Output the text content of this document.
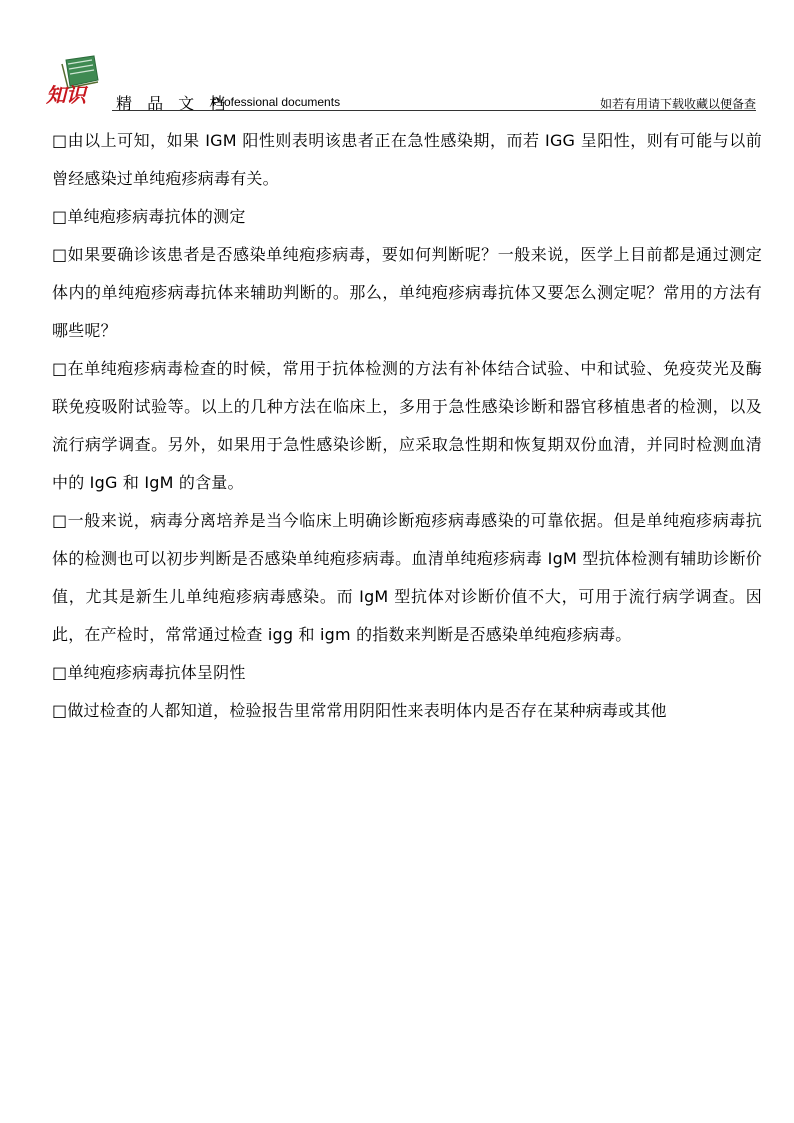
知识 精 品 文 档
Professional documents	如若有用请下载收藏以便备查

□由以上可知，如果 IGM 阳性则表明该患者正在急性感染期，而若 IGG 呈阳性，则有可能与以前曾经感染过单纯疱疹病毒有关。

□单纯疱疹病毒抗体的测定

□如果要确诊该患者是否感染单纯疱疹病毒，要如何判断呢？一般来说，医学上目前都是通过测定体内的单纯疱疹病毒抗体来辅助判断的。那么，单纯疱疹病毒抗体又要怎么测定呢？常用的方法有哪些呢？

□在单纯疱疹病毒检查的时候，常用于抗体检测的方法有补体结合试验、中和试验、免疫荧光及酶联免疫吸附试验等。以上的几种方法在临床上，多用于急性感染诊断和器官移植患者的检测，以及流行病学调查。另外，如果用于急性感染诊断，应采取急性期和恢复期双份血清，并同时检测血清中的 IgG 和 IgM 的含量。

□一般来说，病毒分离培养是当今临床上明确诊断疱疹病毒感染的可靠依据。但是单纯疱疹病毒抗体的检测也可以初步判断是否感染单纯疱疹病毒。血清单纯疱疹病毒 IgM 型抗体检测有辅助诊断价值，尤其是新生儿单纯疱疹病毒感染。而 IgM 型抗体对诊断价值不大，可用于流行病学调查。因此，在产检时，常常通过检查 igg 和 igm 的指数来判断是否感染单纯疱疹病毒。

□单纯疱疹病毒抗体呈阴性

□做过检查的人都知道，检验报告里常常用阴阳性来表明体内是否存在某种病毒或其他
